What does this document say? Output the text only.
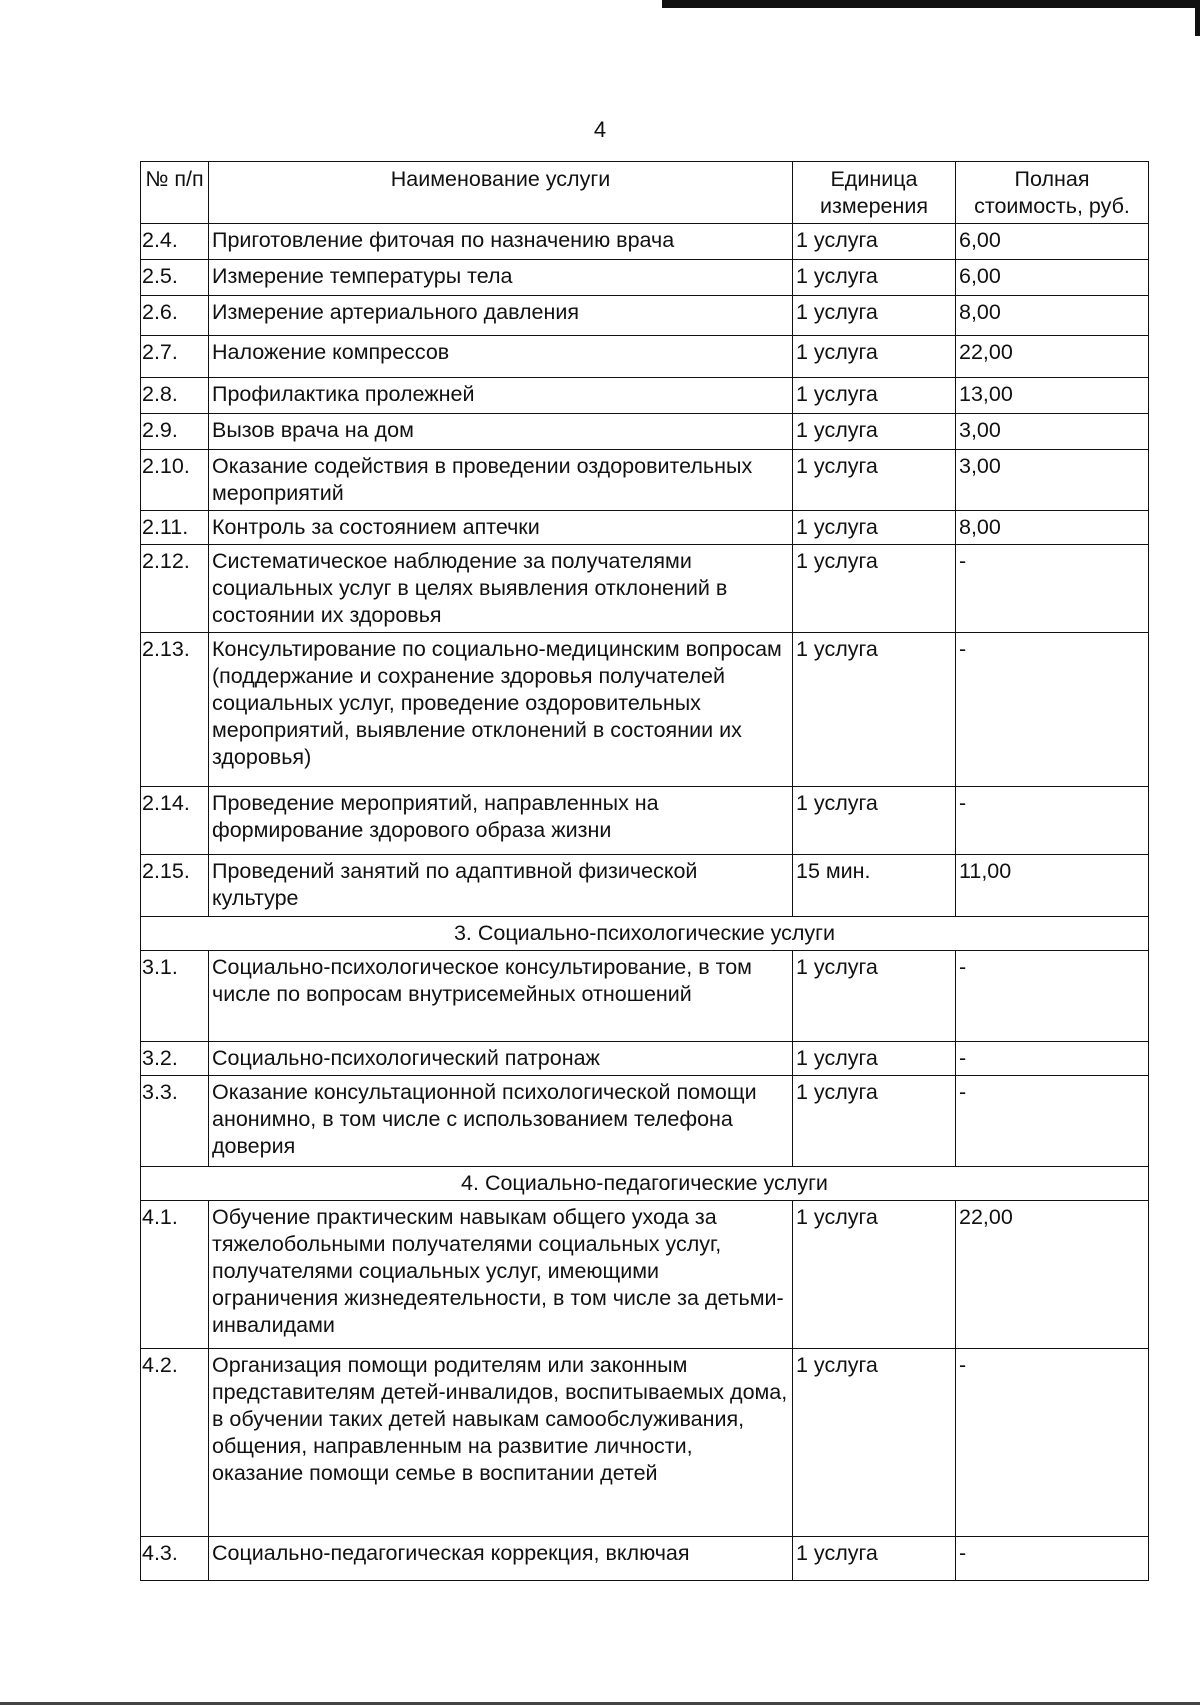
4
№ п/п	Наименование услуги	Единица измерения	Полная стоимость, руб.
2.4.	Приготовление фиточая по назначению врача	1 услуга	6,00
2.5.	Измерение температуры тела	1 услуга	6,00
2.6.	Измерение артериального давления	1 услуга	8,00
2.7.	Наложение компрессов	1 услуга	22,00
2.8.	Профилактика пролежней	1 услуга	13,00
2.9.	Вызов врача на дом	1 услуга	3,00
2.10.	Оказание содействия в проведении оздоровительных мероприятий	1 услуга	3,00
2.11.	Контроль за состоянием аптечки	1 услуга	8,00
2.12.	Систематическое наблюдение за получателями социальных услуг в целях выявления отклонений в состоянии их здоровья	1 услуга	-
2.13.	Консультирование по социально-медицинским вопросам (поддержание и сохранение здоровья получателей социальных услуг, проведение оздоровительных мероприятий, выявление отклонений в состоянии их здоровья)	1 услуга	-
2.14.	Проведение мероприятий, направленных на формирование здорового образа жизни	1 услуга	-
2.15.	Проведений занятий по адаптивной физической культуре	15 мин.	11,00
3. Социально-психологические услуги			
3.1.	Социально-психологическое консультирование, в том числе по вопросам внутрисемейных отношений	1 услуга	-
3.2.	Социально-психологический патронаж	1 услуга	-
3.3.	Оказание консультационной психологической помощи анонимно, в том числе с использованием телефона доверия	1 услуга	-
4. Социально-педагогические услуги			
4.1.	Обучение практическим навыкам общего ухода за тяжелобольными получателями социальных услуг, получателями социальных услуг, имеющими ограничения жизнедеятельности, в том числе за детьми-инвалидами	1 услуга	22,00
4.2.	Организация помощи родителям или законным представителям детей-инвалидов, воспитываемых дома, в обучении таких детей навыкам самообслуживания, общения, направленным на развитие личности, оказание помощи семье в воспитании детей	1 услуга	-
4.3.	Социально-педагогическая коррекция, включая	1 услуга	-
